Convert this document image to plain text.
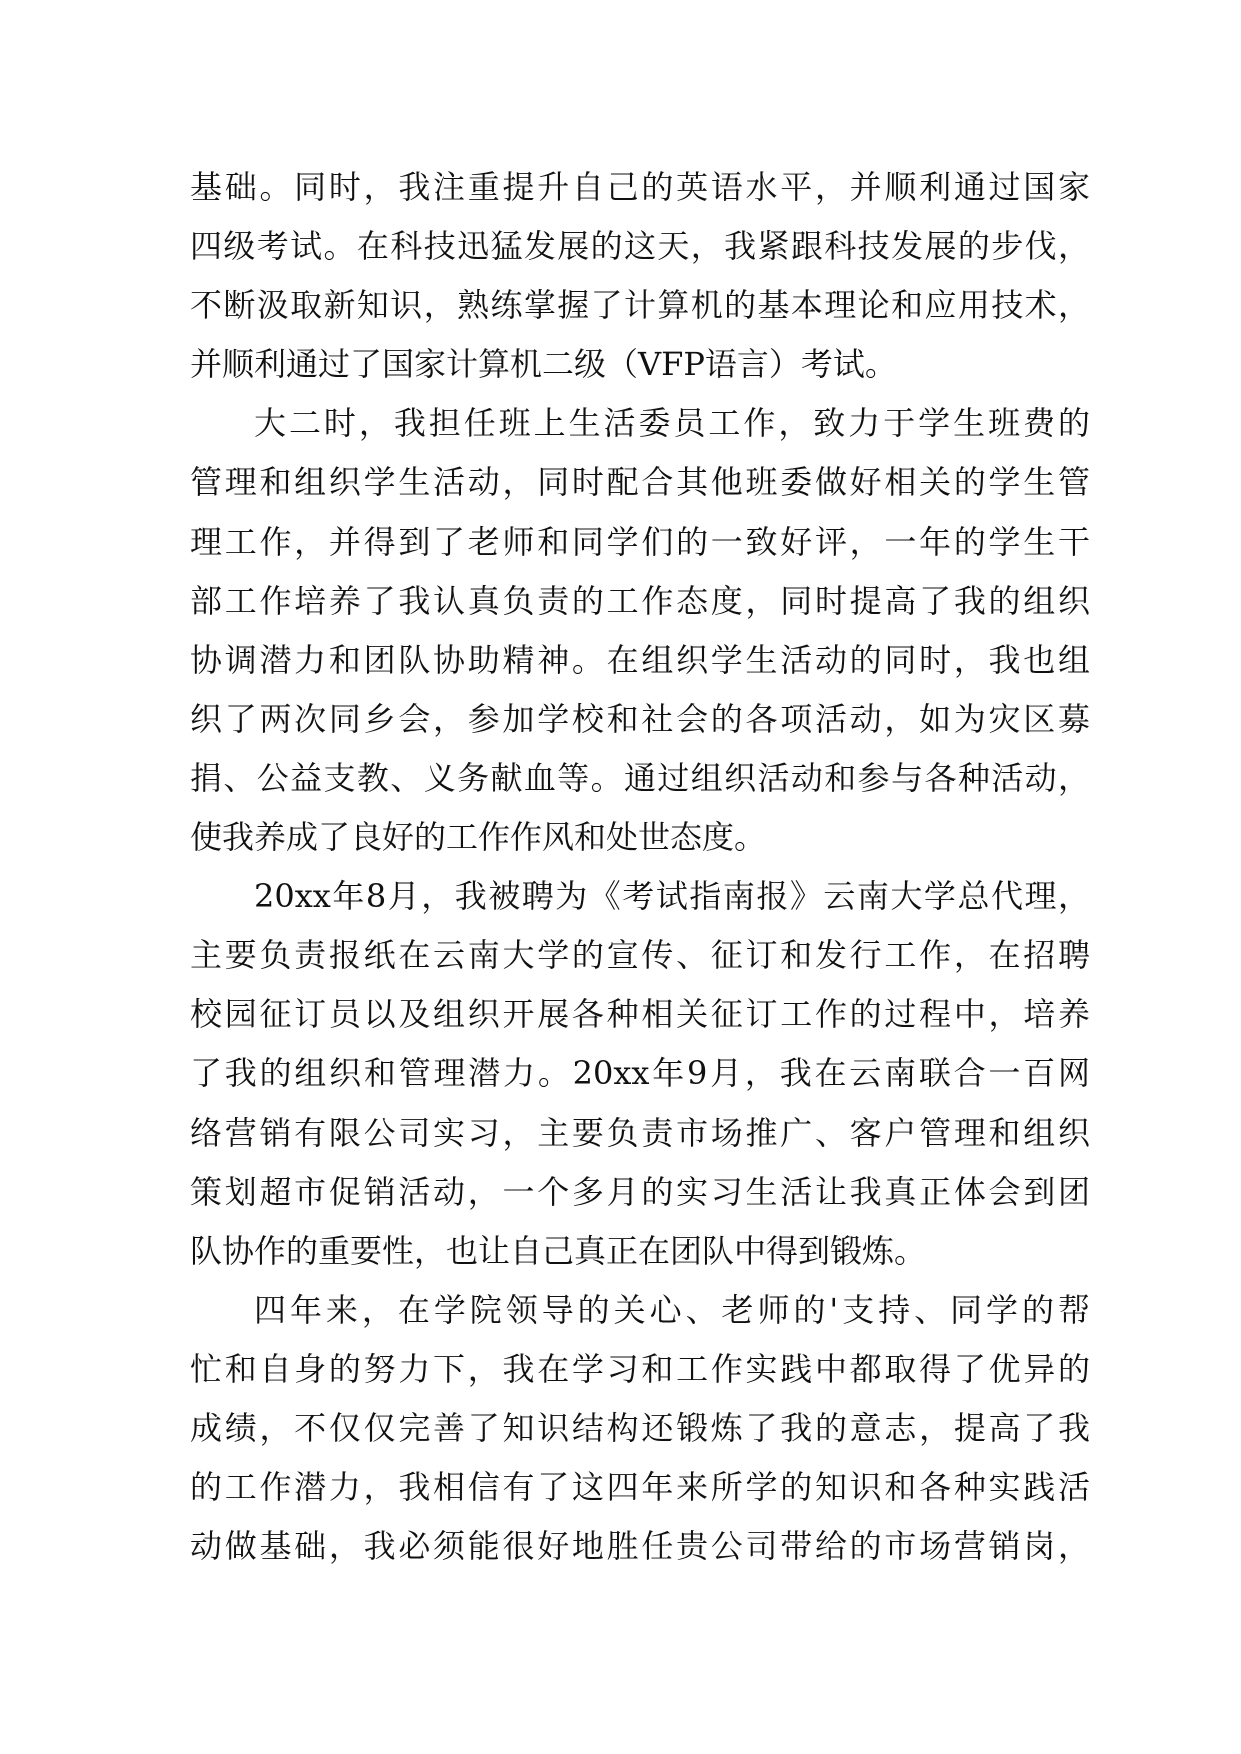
基础。同时，我注重提升自己的英语水平，并顺利通过国家
四级考试。在科技迅猛发展的这天，我紧跟科技发展的步伐，
不断汲取新知识，熟练掌握了计算机的基本理论和应用技术，
并顺利通过了国家计算机二级（VFP语言）考试。
大二时，我担任班上生活委员工作，致力于学生班费的
管理和组织学生活动，同时配合其他班委做好相关的学生管
理工作，并得到了老师和同学们的一致好评，一年的学生干
部工作培养了我认真负责的工作态度，同时提高了我的组织
协调潜力和团队协助精神。在组织学生活动的同时，我也组
织了两次同乡会，参加学校和社会的各项活动，如为灾区募
捐、公益支教、义务献血等。通过组织活动和参与各种活动，
使我养成了良好的工作作风和处世态度。
20xx年8月，我被聘为《考试指南报》云南大学总代理，
主要负责报纸在云南大学的宣传、征订和发行工作，在招聘
校园征订员以及组织开展各种相关征订工作的过程中，培养
了我的组织和管理潜力。20xx年9月，我在云南联合一百网
络营销有限公司实习，主要负责市场推广、客户管理和组织
策划超市促销活动，一个多月的实习生活让我真正体会到团
队协作的重要性，也让自己真正在团队中得到锻炼。
四年来，在学院领导的关心、老师的'支持、同学的帮
忙和自身的努力下，我在学习和工作实践中都取得了优异的
成绩，不仅仅完善了知识结构还锻炼了我的意志，提高了我
的工作潜力，我相信有了这四年来所学的知识和各种实践活
动做基础，我必须能很好地胜任贵公司带给的市场营销岗，
